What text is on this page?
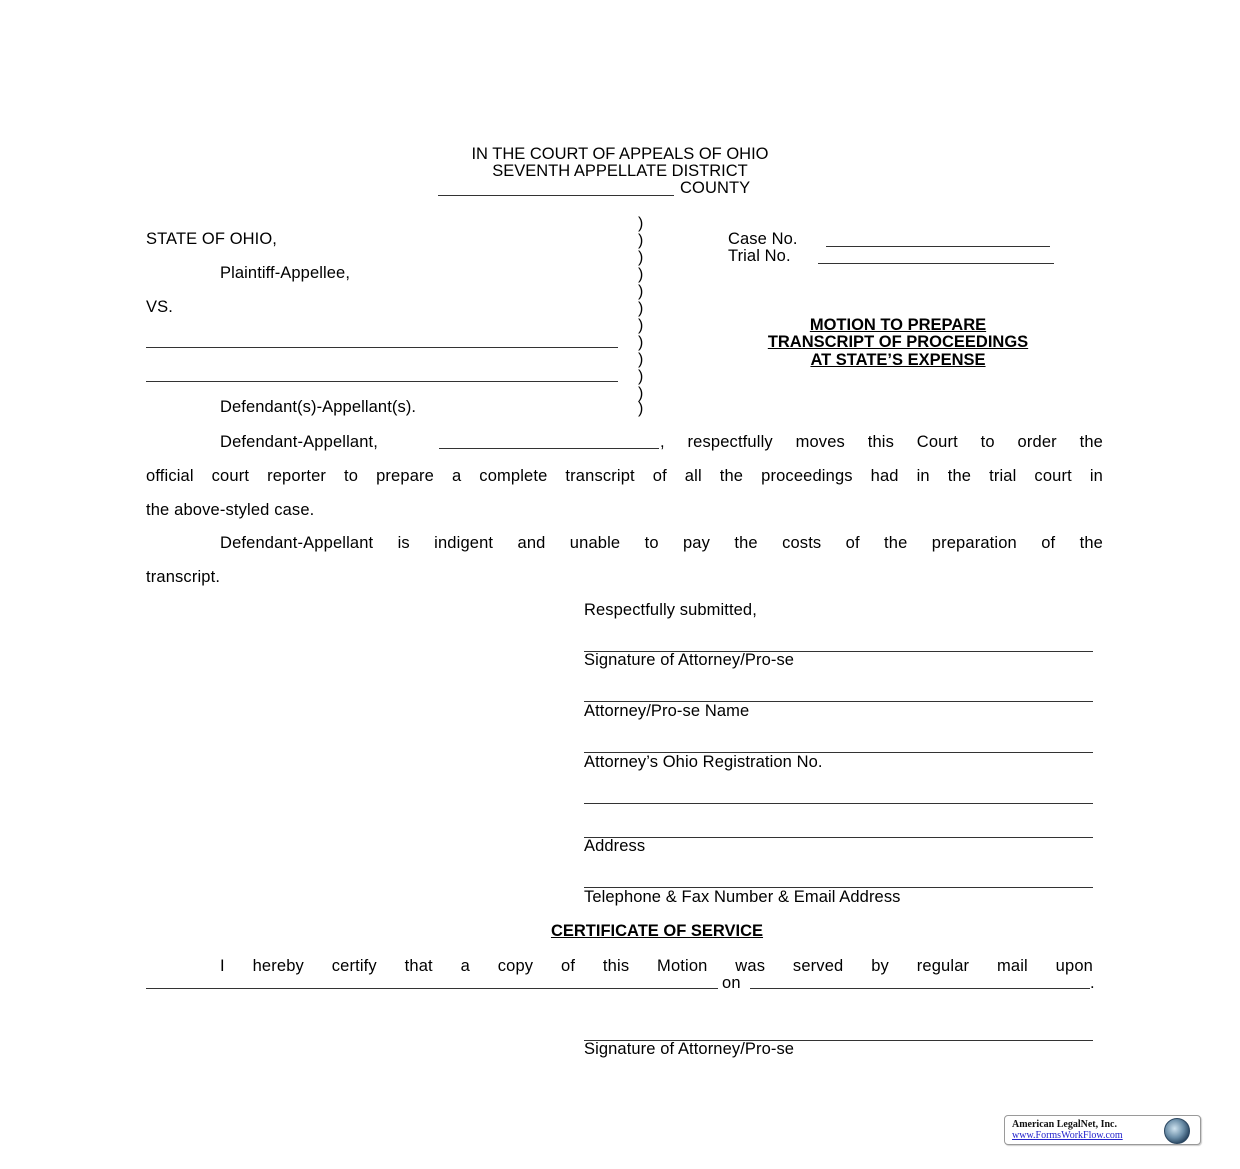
IN THE COURT OF APPEALS OF OHIO
SEVENTH APPELLATE DISTRICT
COUNTY
STATE OF OHIO,
Plaintiff-Appellee,
VS.
Defendant(s)-Appellant(s).
)
)
)
)
)
)
)
)
)
)
)
)
Case No.
Trial No.
MOTION TO PREPARE
TRANSCRIPT OF PROCEEDINGS
AT STATE’S EXPENSE
Defendant-Appellant,	, respectfully moves this Court to order the
official court reporter to prepare a complete transcript of all the proceedings had in the trial court in
the above-styled case.
Defendant-Appellant is indigent and unable to pay the costs of the preparation of the
transcript.
Respectfully submitted,
Signature of Attorney/Pro-se
Attorney/Pro-se Name
Attorney’s Ohio Registration No.
Address
Telephone & Fax Number & Email Address
CERTIFICATE OF SERVICE
I hereby certify that a copy of this Motion was served by regular mail upon
on	.
Signature of Attorney/Pro-se
American LegalNet, Inc.
www.FormsWorkFlow.com
